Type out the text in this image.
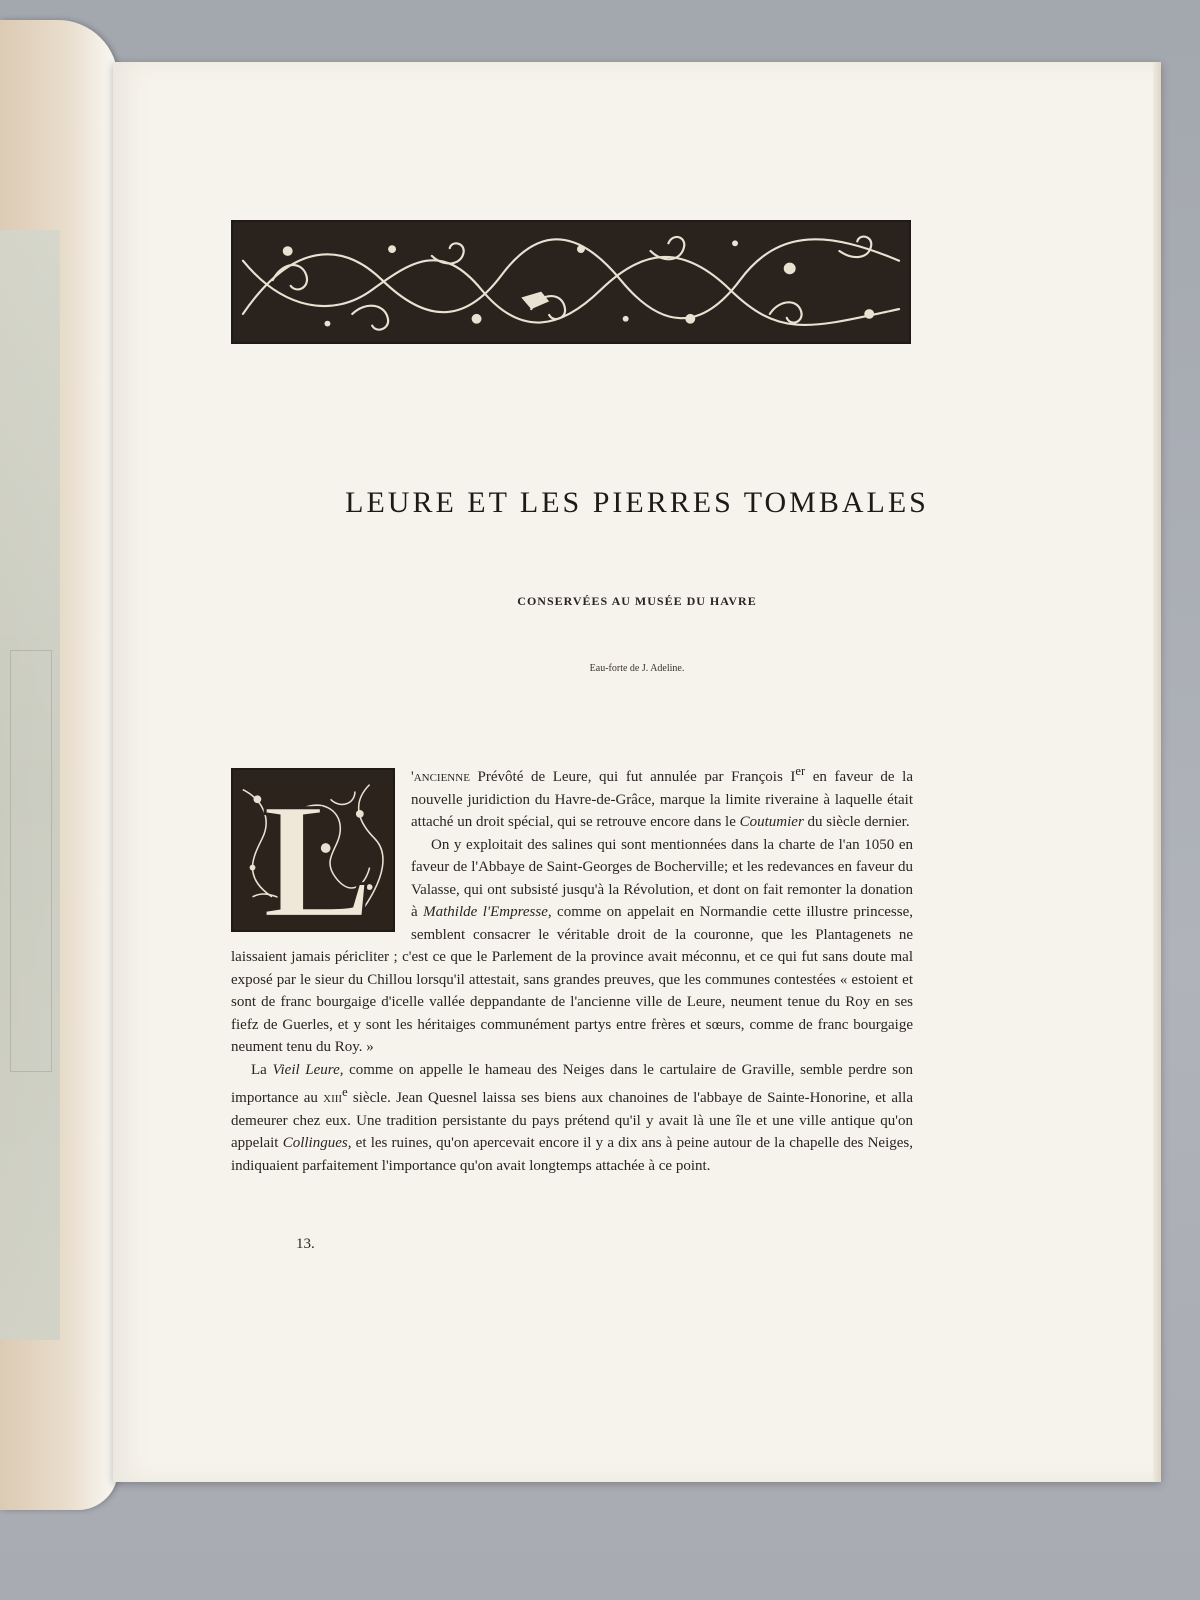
LEURE ET LES PIERRES TOMBALES

CONSERVÉES AU MUSÉE DU HAVRE

Eau-forte de J. Adeline.

L	'ancienne Prévôté de Leure, qui fut annulée par François Ier en faveur de la nouvelle juridiction du Havre-de-Grâce, marque la limite riveraine à laquelle était attaché un droit spécial, qui se retrouve encore dans le Coutumier du siècle dernier.

On y exploitait des salines qui sont mentionnées dans la charte de l'an 1050 en faveur de l'Abbaye de Saint-Georges de Bocherville; et les redevances en faveur du Valasse, qui ont subsisté jusqu'à la Révolution, et dont on fait remonter la donation à Mathilde l'Empresse, comme on appelait en Normandie cette illustre princesse, semblent consacrer le véritable droit de la couronne, que les Plantagenets ne laissaient jamais péricliter ; c'est ce que le Parlement de la province avait méconnu, et ce qui fut sans doute mal exposé par le sieur du Chillou lorsqu'il attestait, sans grandes preuves, que les communes contestées « estoient et sont de franc bourgaige d'icelle vallée deppandante de l'ancienne ville de Leure, neument tenue du Roy en ses fiefz de Guerles, et y sont les héritaiges communément partys entre frères et sœurs, comme de franc bourgaige neument tenu du Roy. »

La Vieil Leure, comme on appelle le hameau des Neiges dans le cartulaire de Graville, semble perdre son importance au xiii$^e$ siècle. Jean Quesnel laissa ses biens aux chanoines de l'abbaye de Sainte-Honorine, et alla demeurer chez eux. Une tradition persistante du pays prétend qu'il y avait là une île et une ville antique qu'on appelait Collingues, et les ruines, qu'on apercevait encore il y a dix ans à peine autour de la chapelle des Neiges, indiquaient parfaitement l'importance qu'on avait longtemps attachée à ce point.

13.
